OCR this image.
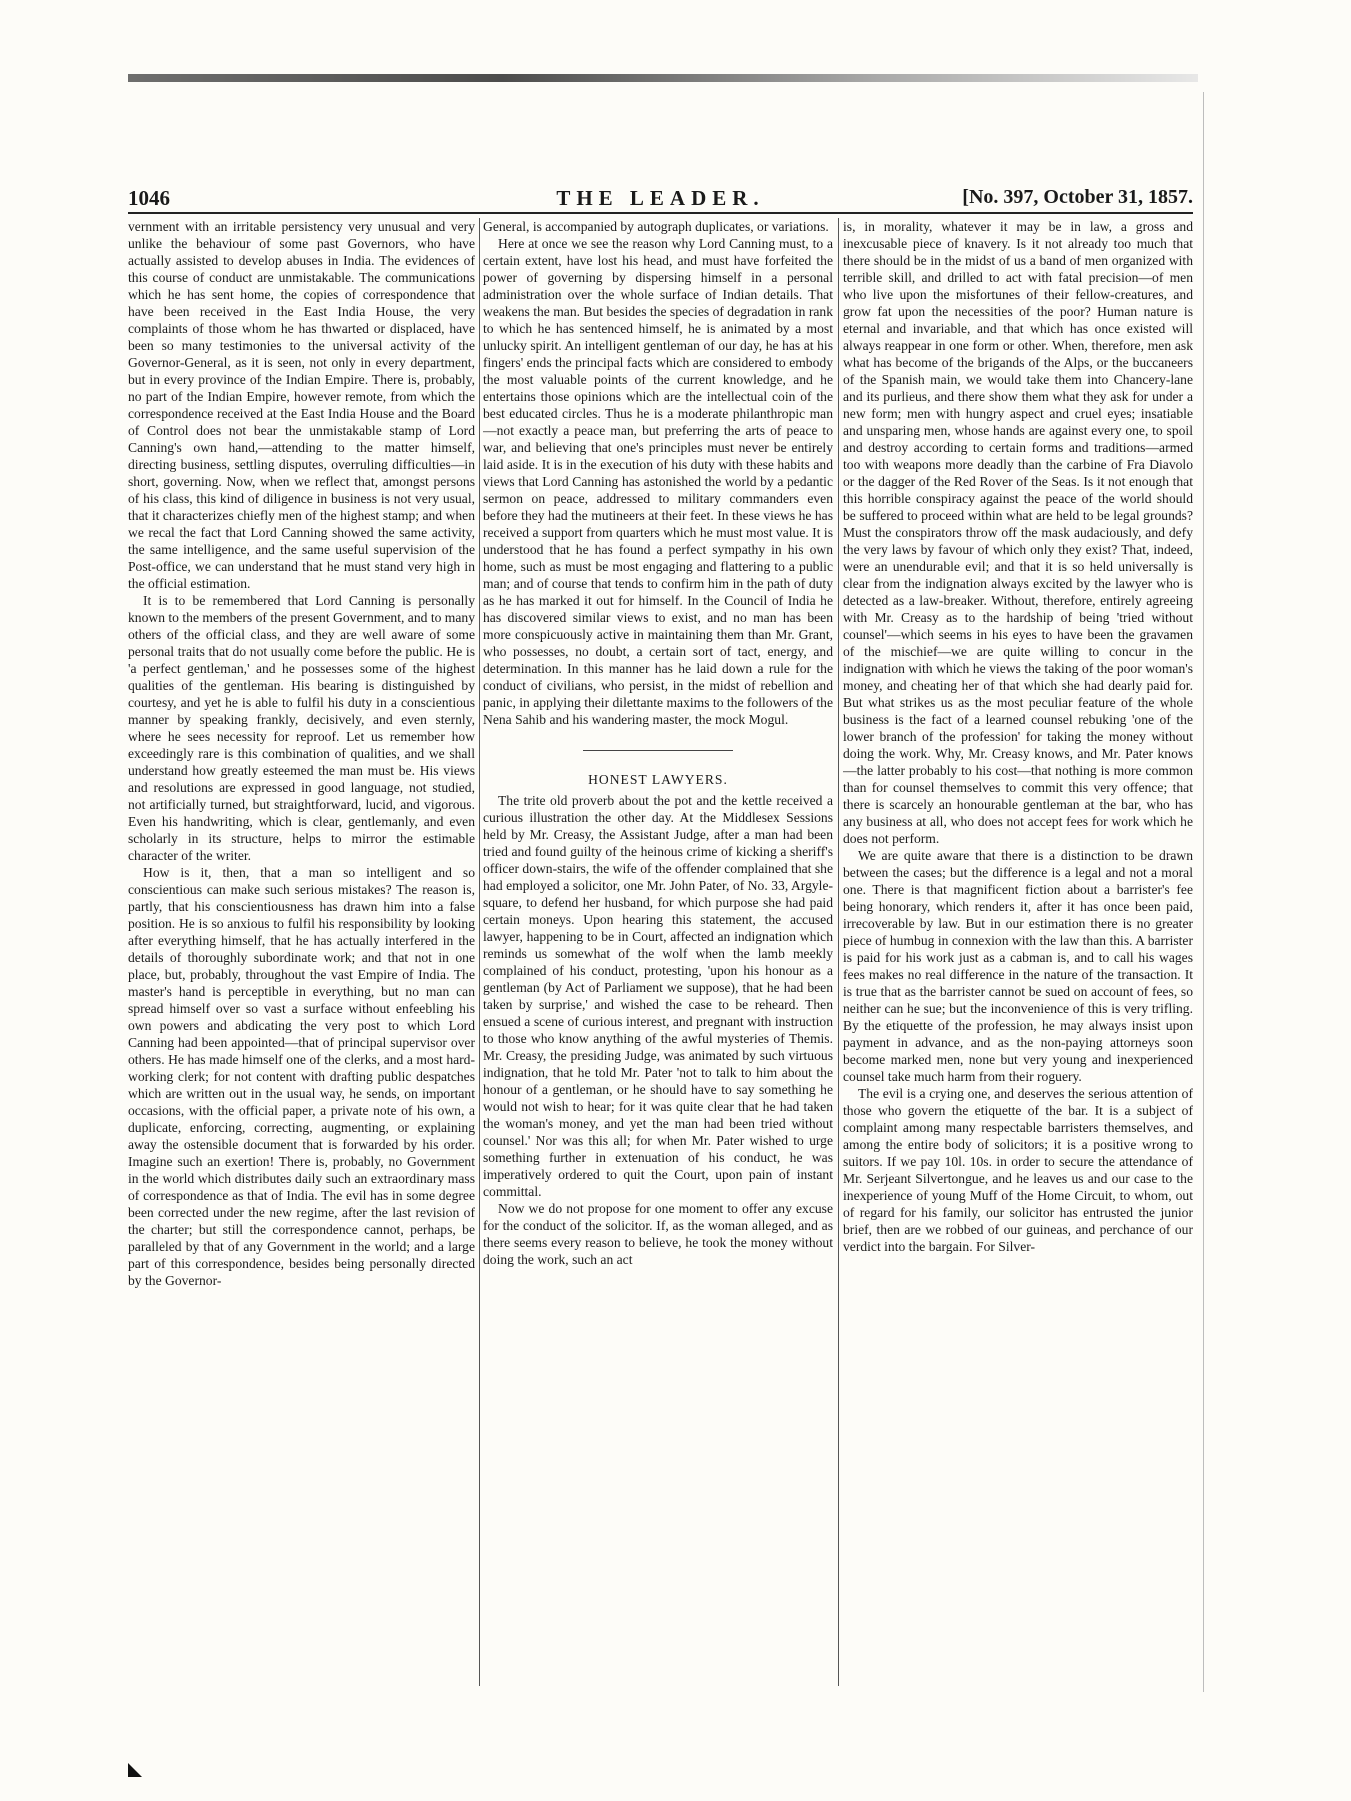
1046	THE LEADER.	[No. 397, October 31, 1857.

vernment with an irritable persistency very unusual and very unlike the behaviour of some past Governors, who have actually assisted to develop abuses in India. The evidences of this course of conduct are unmistakable. The communications which he has sent home, the copies of correspondence that have been received in the East India House, the very complaints of those whom he has thwarted or displaced, have been so many testimonies to the universal activity of the Governor-General, as it is seen, not only in every department, but in every province of the Indian Empire. There is, probably, no part of the Indian Empire, however remote, from which the correspondence received at the East India House and the Board of Control does not bear the unmistakable stamp of Lord Canning's own hand,—attending to the matter himself, directing business, settling disputes, overruling difficulties—in short, governing. Now, when we reflect that, amongst persons of his class, this kind of diligence in business is not very usual, that it characterizes chiefly men of the highest stamp; and when we recal the fact that Lord Canning showed the same activity, the same intelligence, and the same useful supervision of the Post-office, we can understand that he must stand very high in the official estimation.

It is to be remembered that Lord Canning is personally known to the members of the present Government, and to many others of the official class, and they are well aware of some personal traits that do not usually come before the public. He is 'a perfect gentleman,' and he possesses some of the highest qualities of the gentleman. His bearing is distinguished by courtesy, and yet he is able to fulfil his duty in a conscientious manner by speaking frankly, decisively, and even sternly, where he sees necessity for reproof. Let us remember how exceedingly rare is this combination of qualities, and we shall understand how greatly esteemed the man must be. His views and resolutions are expressed in good language, not studied, not artificially turned, but straightforward, lucid, and vigorous. Even his handwriting, which is clear, gentlemanly, and even scholarly in its structure, helps to mirror the estimable character of the writer.

How is it, then, that a man so intelligent and so conscientious can make such serious mistakes? The reason is, partly, that his conscientiousness has drawn him into a false position. He is so anxious to fulfil his responsibility by looking after everything himself, that he has actually interfered in the details of thoroughly subordinate work; and that not in one place, but, probably, throughout the vast Empire of India. The master's hand is perceptible in everything, but no man can spread himself over so vast a surface without enfeebling his own powers and abdicating the very post to which Lord Canning had been appointed—that of principal supervisor over others. He has made himself one of the clerks, and a most hard-working clerk; for not content with drafting public despatches which are written out in the usual way, he sends, on important occasions, with the official paper, a private note of his own, a duplicate, enforcing, correcting, augmenting, or explaining away the ostensible document that is forwarded by his order. Imagine such an exertion! There is, probably, no Government in the world which distributes daily such an extraordinary mass of correspondence as that of India. The evil has in some degree been corrected under the new regime, after the last revision of the charter; but still the correspondence cannot, perhaps, be paralleled by that of any Government in the world; and a large part of this correspondence, besides being personally directed by the Governor-

General, is accompanied by autograph duplicates, or variations.

Here at once we see the reason why Lord Canning must, to a certain extent, have lost his head, and must have forfeited the power of governing by dispersing himself in a personal administration over the whole surface of Indian details. That weakens the man. But besides the species of degradation in rank to which he has sentenced himself, he is animated by a most unlucky spirit. An intelligent gentleman of our day, he has at his fingers' ends the principal facts which are considered to embody the most valuable points of the current knowledge, and he entertains those opinions which are the intellectual coin of the best educated circles. Thus he is a moderate philanthropic man—not exactly a peace man, but preferring the arts of peace to war, and believing that one's principles must never be entirely laid aside. It is in the execution of his duty with these habits and views that Lord Canning has astonished the world by a pedantic sermon on peace, addressed to military commanders even before they had the mutineers at their feet. In these views he has received a support from quarters which he must most value. It is understood that he has found a perfect sympathy in his own home, such as must be most engaging and flattering to a public man; and of course that tends to confirm him in the path of duty as he has marked it out for himself. In the Council of India he has discovered similar views to exist, and no man has been more conspicuously active in maintaining them than Mr. Grant, who possesses, no doubt, a certain sort of tact, energy, and determination. In this manner has he laid down a rule for the conduct of civilians, who persist, in the midst of rebellion and panic, in applying their dilettante maxims to the followers of the Nena Sahib and his wandering master, the mock Mogul.

HONEST LAWYERS.

The trite old proverb about the pot and the kettle received a curious illustration the other day. At the Middlesex Sessions held by Mr. Creasy, the Assistant Judge, after a man had been tried and found guilty of the heinous crime of kicking a sheriff's officer down-stairs, the wife of the offender complained that she had employed a solicitor, one Mr. John Pater, of No. 33, Argyle-square, to defend her husband, for which purpose she had paid certain moneys. Upon hearing this statement, the accused lawyer, happening to be in Court, affected an indignation which reminds us somewhat of the wolf when the lamb meekly complained of his conduct, protesting, 'upon his honour as a gentleman (by Act of Parliament we suppose), that he had been taken by surprise,' and wished the case to be reheard. Then ensued a scene of curious interest, and pregnant with instruction to those who know anything of the awful mysteries of Themis. Mr. Creasy, the presiding Judge, was animated by such virtuous indignation, that he told Mr. Pater 'not to talk to him about the honour of a gentleman, or he should have to say something he would not wish to hear; for it was quite clear that he had taken the woman's money, and yet the man had been tried without counsel.' Nor was this all; for when Mr. Pater wished to urge something further in extenuation of his conduct, he was imperatively ordered to quit the Court, upon pain of instant committal.

Now we do not propose for one moment to offer any excuse for the conduct of the solicitor. If, as the woman alleged, and as there seems every reason to believe, he took the money without doing the work, such an act

is, in morality, whatever it may be in law, a gross and inexcusable piece of knavery. Is it not already too much that there should be in the midst of us a band of men organized with terrible skill, and drilled to act with fatal precision—of men who live upon the misfortunes of their fellow-creatures, and grow fat upon the necessities of the poor? Human nature is eternal and invariable, and that which has once existed will always reappear in one form or other. When, therefore, men ask what has become of the brigands of the Alps, or the buccaneers of the Spanish main, we would take them into Chancery-lane and its purlieus, and there show them what they ask for under a new form; men with hungry aspect and cruel eyes; insatiable and unsparing men, whose hands are against every one, to spoil and destroy according to certain forms and traditions—armed too with weapons more deadly than the carbine of Fra Diavolo or the dagger of the Red Rover of the Seas. Is it not enough that this horrible conspiracy against the peace of the world should be suffered to proceed within what are held to be legal grounds? Must the conspirators throw off the mask audaciously, and defy the very laws by favour of which only they exist? That, indeed, were an unendurable evil; and that it is so held universally is clear from the indignation always excited by the lawyer who is detected as a law-breaker. Without, therefore, entirely agreeing with Mr. Creasy as to the hardship of being 'tried without counsel'—which seems in his eyes to have been the gravamen of the mischief—we are quite willing to concur in the indignation with which he views the taking of the poor woman's money, and cheating her of that which she had dearly paid for. But what strikes us as the most peculiar feature of the whole business is the fact of a learned counsel rebuking 'one of the lower branch of the profession' for taking the money without doing the work. Why, Mr. Creasy knows, and Mr. Pater knows—the latter probably to his cost—that nothing is more common than for counsel themselves to commit this very offence; that there is scarcely an honourable gentleman at the bar, who has any business at all, who does not accept fees for work which he does not perform.

We are quite aware that there is a distinction to be drawn between the cases; but the difference is a legal and not a moral one. There is that magnificent fiction about a barrister's fee being honorary, which renders it, after it has once been paid, irrecoverable by law. But in our estimation there is no greater piece of humbug in connexion with the law than this. A barrister is paid for his work just as a cabman is, and to call his wages fees makes no real difference in the nature of the transaction. It is true that as the barrister cannot be sued on account of fees, so neither can he sue; but the inconvenience of this is very trifling. By the etiquette of the profession, he may always insist upon payment in advance, and as the non-paying attorneys soon become marked men, none but very young and inexperienced counsel take much harm from their roguery.

The evil is a crying one, and deserves the serious attention of those who govern the etiquette of the bar. It is a subject of complaint among many respectable barristers themselves, and among the entire body of solicitors; it is a positive wrong to suitors. If we pay 10l. 10s. in order to secure the attendance of Mr. Serjeant Silvertongue, and he leaves us and our case to the inexperience of young Muff of the Home Circuit, to whom, out of regard for his family, our solicitor has entrusted the junior brief, then are we robbed of our guineas, and perchance of our verdict into the bargain. For Silver-
